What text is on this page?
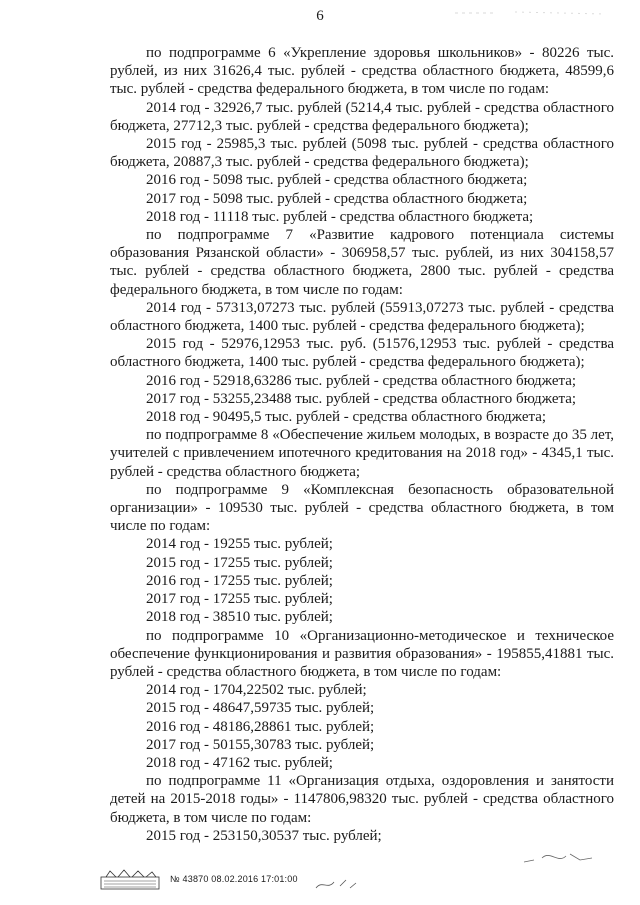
6

по подпрограмме 6 «Укрепление здоровья школьников» - 80226 тыс. рублей, из них 31626,4 тыс. рублей - средства областного бюджета, 48599,6 тыс. рублей - средства федерального бюджета, в том числе по годам:

2014 год - 32926,7 тыс. рублей (5214,4 тыс. рублей - средства областного бюджета, 27712,3 тыс. рублей - средства федерального бюджета);

2015 год - 25985,3 тыс. рублей (5098 тыс. рублей - средства областного бюджета, 20887,3 тыс. рублей - средства федерального бюджета);

2016 год - 5098 тыс. рублей - средства областного бюджета;

2017 год - 5098 тыс. рублей - средства областного бюджета;

2018 год - 11118 тыс. рублей - средства областного бюджета;

по подпрограмме 7 «Развитие кадрового потенциала системы образования Рязанской области» - 306958,57 тыс. рублей, из них 304158,57 тыс. рублей - средства областного бюджета, 2800 тыс. рублей - средства федерального бюджета, в том числе по годам:

2014 год - 57313,07273 тыс. рублей (55913,07273 тыс. рублей - средства областного бюджета, 1400 тыс. рублей - средства федерального бюджета);

2015 год - 52976,12953 тыс. руб. (51576,12953 тыс. рублей - средства областного бюджета, 1400 тыс. рублей - средства федерального бюджета);

2016 год - 52918,63286 тыс. рублей - средства областного бюджета;

2017 год - 53255,23488 тыс. рублей - средства областного бюджета;

2018 год - 90495,5 тыс. рублей - средства областного бюджета;

по подпрограмме 8 «Обеспечение жильем молодых, в возрасте до 35 лет, учителей с привлечением ипотечного кредитования на 2018 год» - 4345,1 тыс. рублей - средства областного бюджета;

по подпрограмме 9 «Комплексная безопасность образовательной организации» - 109530 тыс. рублей - средства областного бюджета, в том числе по годам:

2014 год - 19255 тыс. рублей;

2015 год - 17255 тыс. рублей;

2016 год - 17255 тыс. рублей;

2017 год - 17255 тыс. рублей;

2018 год - 38510 тыс. рублей;

по подпрограмме 10 «Организационно-методическое и техническое обеспечение функционирования и развития образования» - 195855,41881 тыс. рублей - средства областного бюджета, в том числе по годам:

2014 год - 1704,22502 тыс. рублей;

2015 год - 48647,59735 тыс. рублей;

2016 год - 48186,28861 тыс. рублей;

2017 год - 50155,30783 тыс. рублей;

2018 год - 47162 тыс. рублей;

по подпрограмме 11 «Организация отдыха, оздоровления и занятости детей на 2015-2018 годы» - 1147806,98320 тыс. рублей - средства областного бюджета, в том числе по годам:

2015 год - 253150,30537 тыс. рублей;

№ 43870 08.02.2016 17:01:00
